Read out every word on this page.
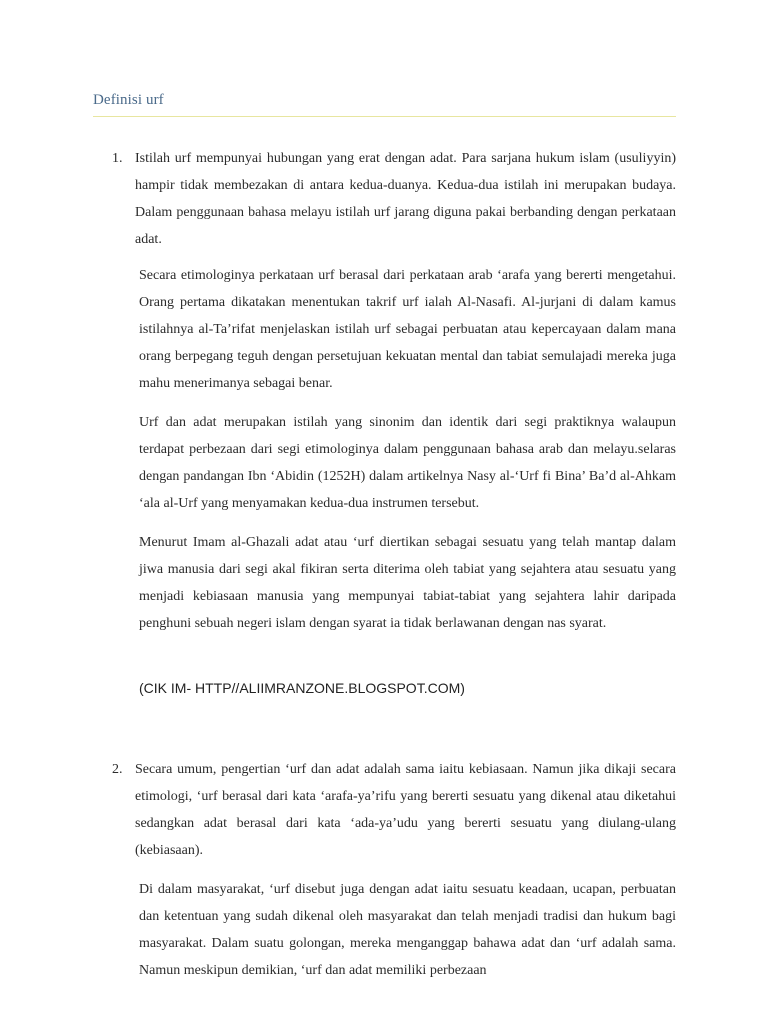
Definisi urf
1. Istilah urf mempunyai hubungan yang erat dengan adat. Para sarjana hukum islam (usuliyyin) hampir tidak membezakan di antara kedua-duanya. Kedua-dua istilah ini merupakan budaya. Dalam penggunaan bahasa melayu istilah urf jarang diguna pakai berbanding dengan perkataan adat.
Secara etimologinya perkataan urf berasal dari perkataan arab ‘arafa yang bererti mengetahui. Orang pertama dikatakan menentukan takrif urf ialah Al-Nasafi. Al-jurjani di dalam kamus istilahnya al-Ta’rifat menjelaskan istilah urf sebagai perbuatan atau kepercayaan dalam mana orang berpegang teguh dengan persetujuan kekuatan mental dan tabiat semulajadi mereka juga mahu menerimanya sebagai benar.
Urf dan adat merupakan istilah yang sinonim dan identik dari segi praktiknya walaupun terdapat perbezaan dari segi etimologinya dalam penggunaan bahasa arab dan melayu.selaras dengan pandangan Ibn ‘Abidin (1252H) dalam artikelnya Nasy al-‘Urf fi Bina’ Ba’d al-Ahkam ‘ala al-Urf yang menyamakan kedua-dua instrumen tersebut.
Menurut Imam al-Ghazali adat atau ‘urf diertikan sebagai sesuatu yang telah mantap dalam jiwa manusia dari segi akal fikiran serta diterima oleh tabiat yang sejahtera atau sesuatu yang menjadi kebiasaan manusia yang mempunyai tabiat-tabiat yang sejahtera lahir daripada penghuni sebuah negeri islam dengan syarat ia tidak berlawanan dengan nas syarat.
(CIK IM- HTTP//ALIIMRANZONE.BLOGSPOT.COM)
2. Secara umum, pengertian ‘urf dan adat adalah sama iaitu kebiasaan. Namun jika dikaji secara etimologi, ‘urf berasal dari kata ‘arafa-ya’rifu yang bererti sesuatu yang dikenal atau diketahui sedangkan adat berasal dari kata ‘ada-ya’udu yang bererti sesuatu yang diulang-ulang (kebiasaan).
Di dalam masyarakat, ‘urf disebut juga dengan adat iaitu sesuatu keadaan, ucapan, perbuatan dan ketentuan yang sudah dikenal oleh masyarakat dan telah menjadi tradisi dan hukum bagi masyarakat. Dalam suatu golongan, mereka menganggap bahawa adat dan ‘urf adalah sama. Namun meskipun demikian, ‘urf dan adat memiliki perbezaan
